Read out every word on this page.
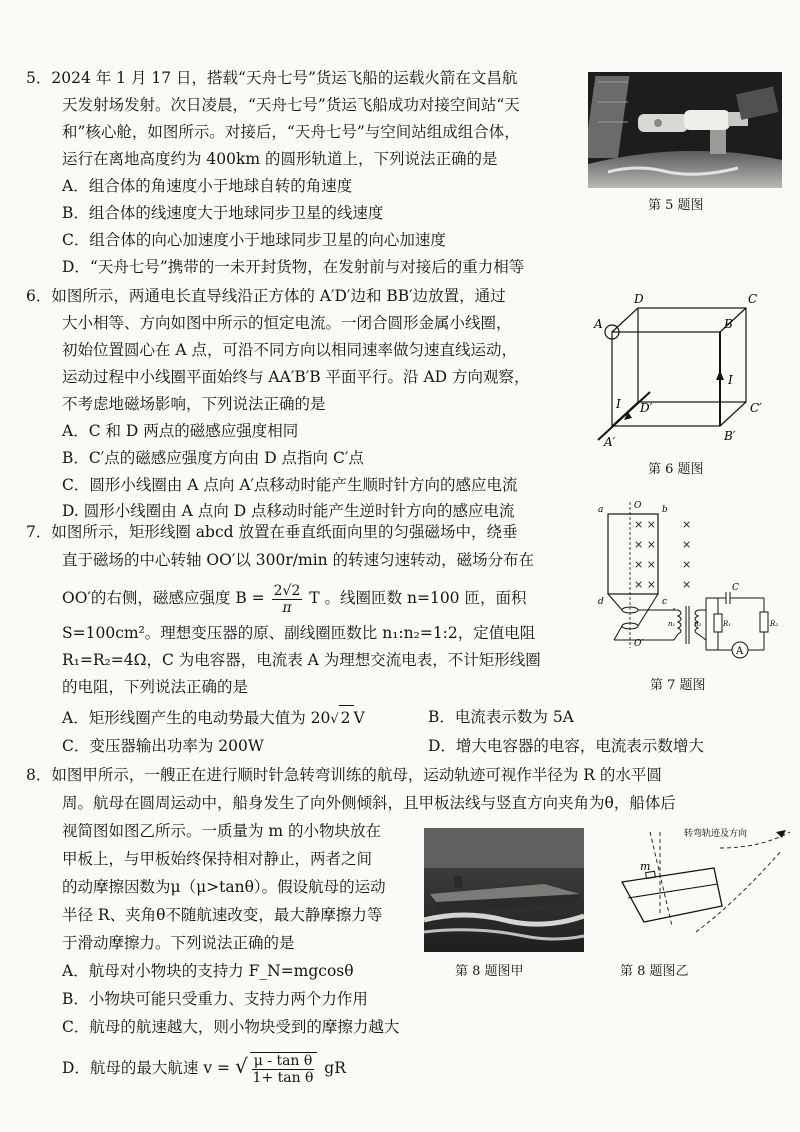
5．2024 年 1 月 17 日，搭载“天舟七号”货运飞船的运载火箭在文昌航
天发射场发射。次日凌晨，“天舟七号”货运飞船成功对接空间站“天
和”核心舱，如图所示。对接后，“天舟七号”与空间站组成组合体，
运行在离地高度约为 400km 的圆形轨道上，下列说法正确的是
A．组合体的角速度小于地球自转的角速度
B．组合体的线速度大于地球同步卫星的线速度
C．组合体的向心加速度小于地球同步卫星的向心加速度
D．“天舟七号”携带的一未开封货物，在发射前与对接后的重力相等
第 5 题图
6．如图所示，两通电长直导线沿正方体的 A′D′边和 BB′边放置，通过
大小相等、方向如图中所示的恒定电流。一闭合圆形金属小线圈，
初始位置圆心在 A 点，可沿不同方向以相同速率做匀速直线运动，
运动过程中小线圈平面始终与 AA′B′B 平面平行。沿 AD 方向观察，
不考虑地磁场影响，下列说法正确的是
A．C 和 D 两点的磁感应强度相同
B．C′点的磁感应强度方向由 D 点指向 C′点
C．圆形小线圈由 A 点向 A′点移动时能产生顺时针方向的感应电流
D. 圆形小线圈由 A 点向 D 点移动时能产生逆时针方向的感应电流
D	C
A	B
I
I D′	C′
A′	B′
第 6 题图
7．如图所示，矩形线圈 abcd 放置在垂直纸面向里的匀强磁场中，绕垂
直于磁场的中心转轴 OO′以 300r/min 的转速匀速转动，磁场分布在
OO′的右侧，磁感应强度 $B = \frac{2√2}{\pi}$ T 。线圈匝数 n=100 匝，面积
S=100cm²。理想变压器的原、副线圈匝数比 n₁:n₂=1:2，定值电阻
R₁=R₂=4Ω，C 为电容器，电流表 A 为理想交流电表，不计矩形线圈
的电阻，下列说法正确的是
A．矩形线圈产生的电动势最大值为 20√ 2 V	B．电流表示数为 5A
C．变压器输出功率为 200W	D．增大电容器的电容，电流表示数增大
× × ×
× × ×
× × ×
× × ×
a	b
c
d
O
O′
n₁	n₂	R₁	R₂
C
A
第 7 题图
8．如图甲所示，一艘正在进行顺时针急转弯训练的航母，运动轨迹可视作半径为 R 的水平圆
周。航母在圆周运动中，船身发生了向外侧倾斜，且甲板法线与竖直方向夹角为θ，船体后
视简图如图乙所示。一质量为 m 的小物块放在
甲板上，与甲板始终保持相对静止，两者之间
的动摩擦因数为μ（μ>tanθ）。假设航母的运动
半径 R、夹角θ不随航速改变，最大静摩擦力等
于滑动摩擦力。下列说法正确的是
A．航母对小物块的支持力 F_N=mgcosθ
B．小物块可能只受重力、支持力两个力作用
C．航母的航速越大，则小物块受到的摩擦力越大
D．航母的最大航速 v = √ $\frac{\text{μ - tan θ}}{\text{1+ tan θ}}$ gR
第 8 题图甲
m
转弯轨迹及方向
第 8 题图乙
